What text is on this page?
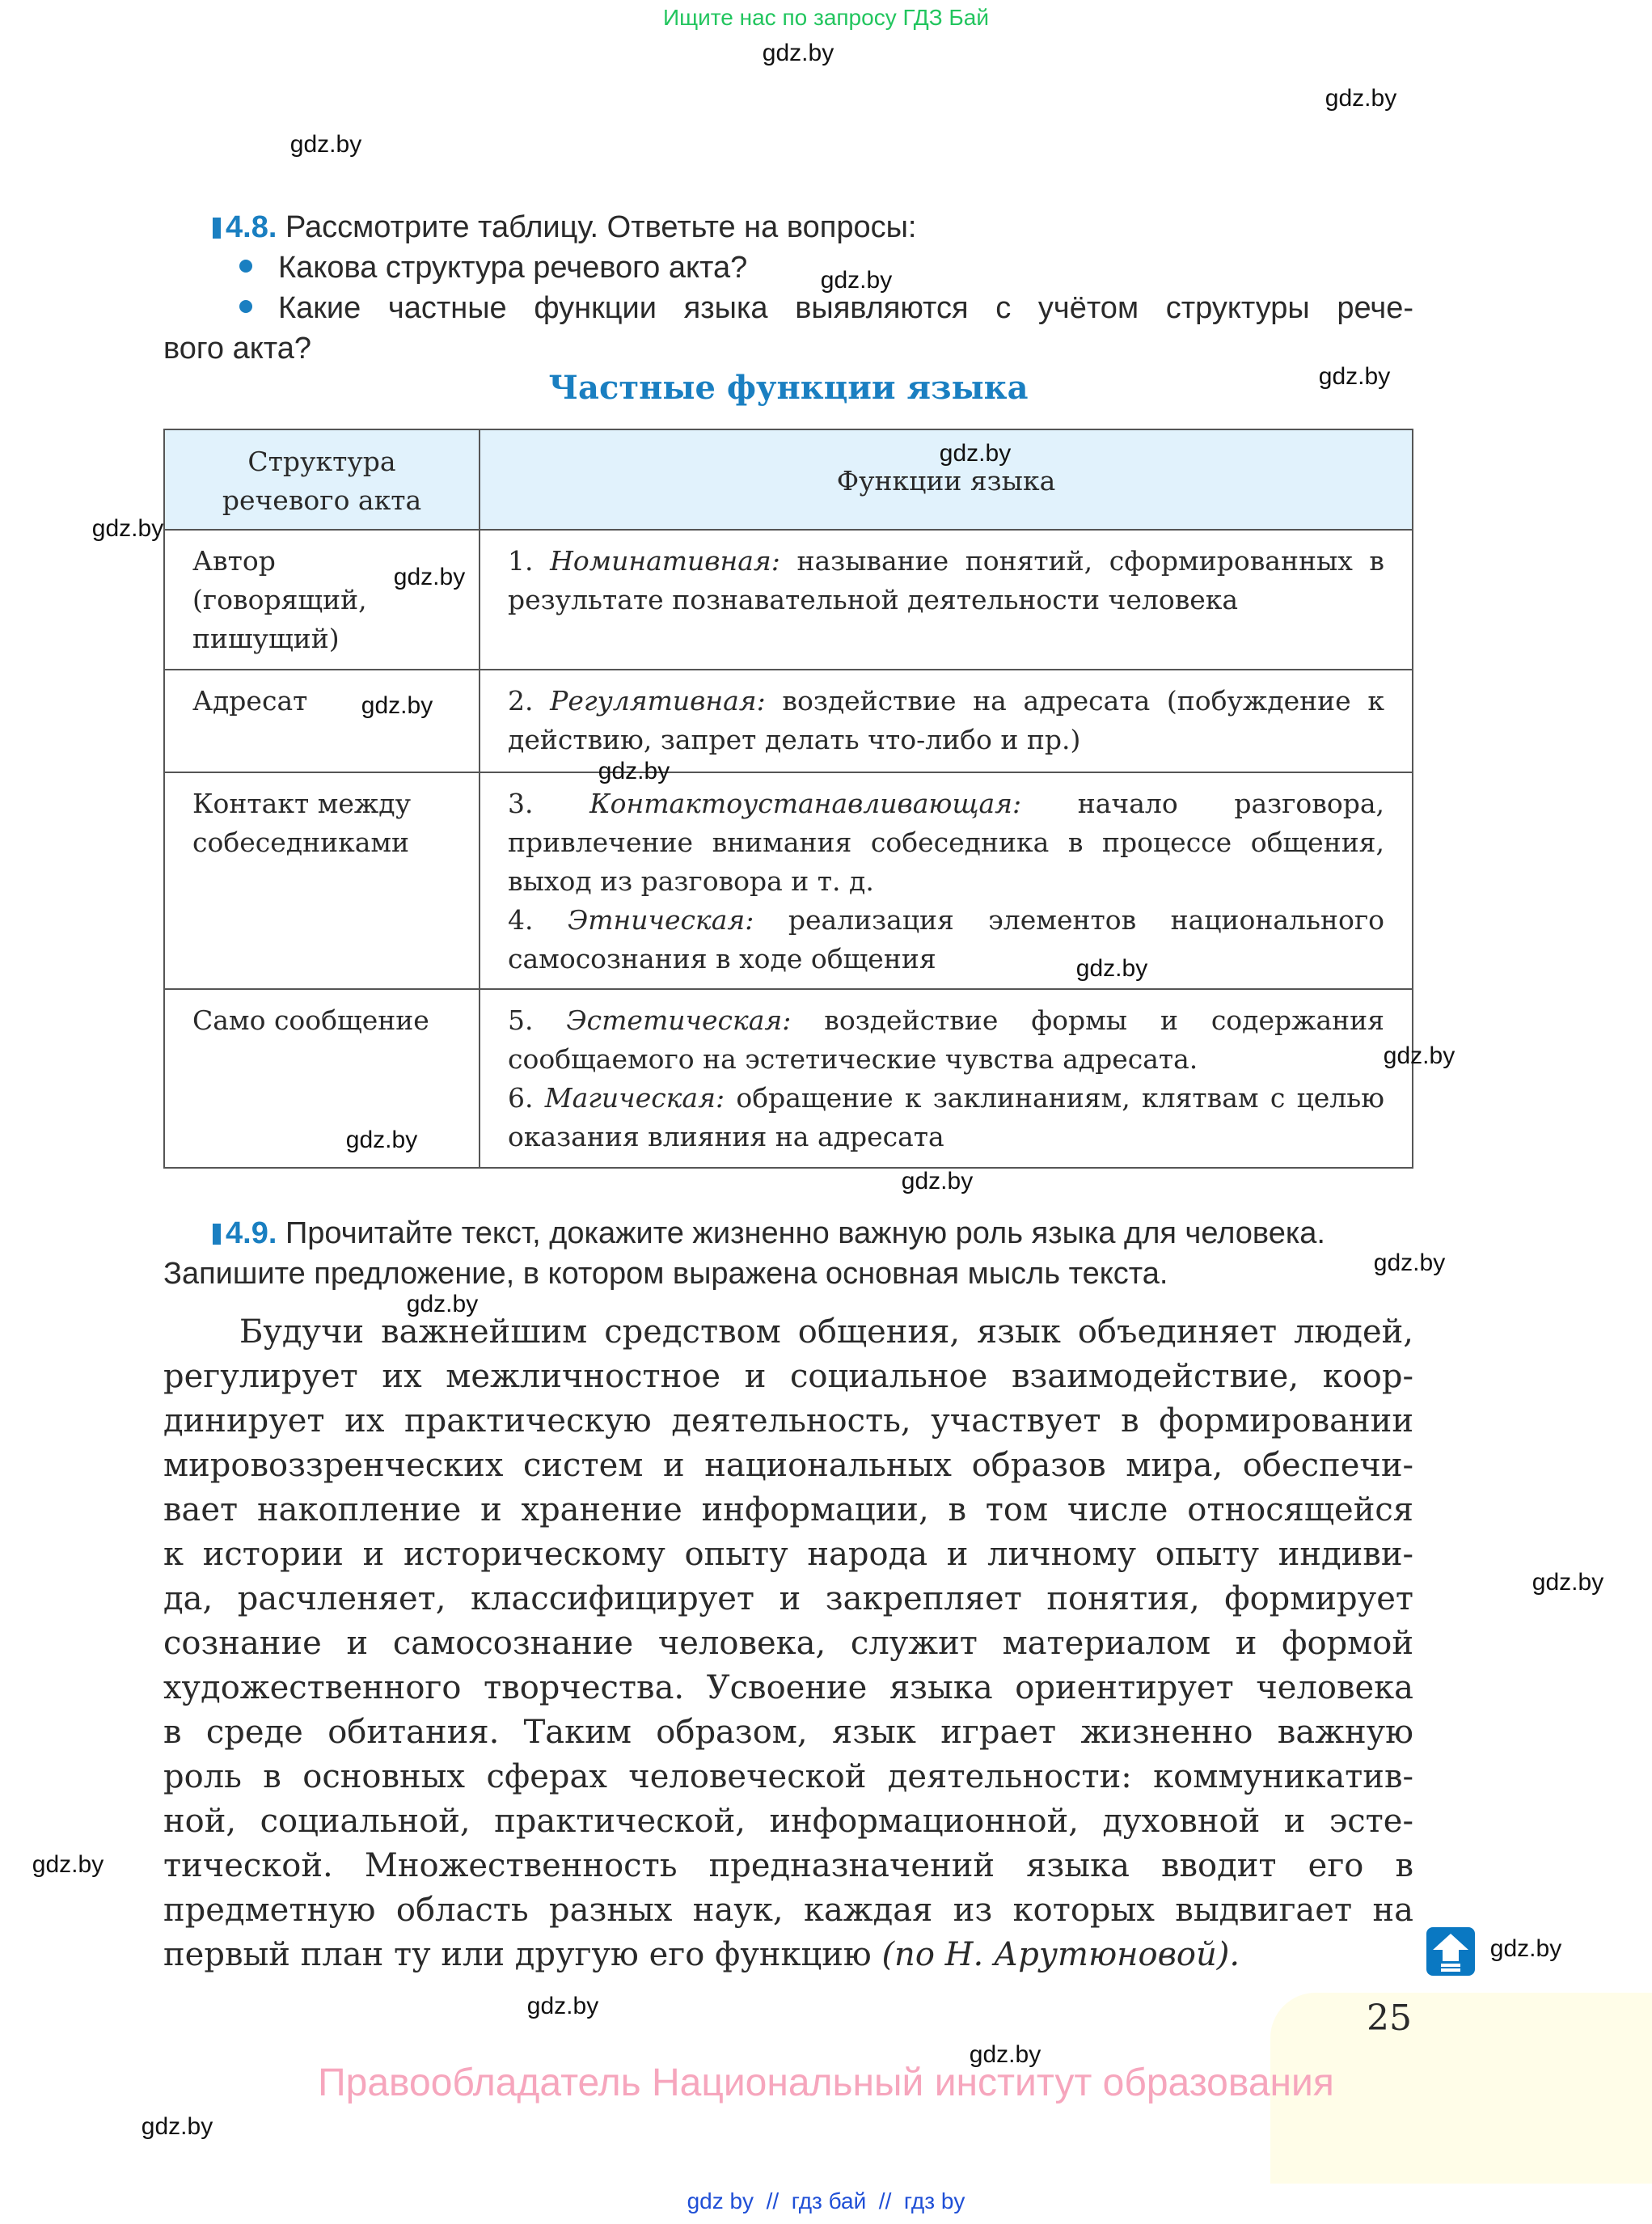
Ищите нас по запросу ГДЗ Бай
4.8. Рассмотрите таблицу. Ответьте на вопросы:
Какова структура речевого акта?
Какие частные функции языка выявляются с учётом структуры рече-
вого акта?
Частные функции языка
Структура речевого акта	Функции языка
Автор (говорящий, пишущий)	1. Номинативная: называние понятий, сформированных в результате познавательной деятельности человека

Адресат	2. Регулятивная: воздействие на адресата (побуждение к действию, запрет делать что-либо и пр.)

Контакт между собеседниками	3. Контактоустанавливающая: начало разговора, привлечение внимания собеседника в процессе общения, выход из разговора и т. д.
4. Этническая: реализация элементов национального самосознания в ходе общения

Само сообщение	5. Эстетическая: воздействие формы и содержания сообщаемого на эстетические чувства адресата.
6. Магическая: обращение к заклинаниям, клятвам с целью оказания влияния на адресата
4.9. Прочитайте текст, докажите жизненно важную роль языка для человека.
Запишите предложение, в котором выражена основная мысль текста.
Будучи важнейшим средством общения, язык объединяет людей,
регулирует их межличностное и социальное взаимодействие, коор-
динирует их практическую деятельность, участвует в формировании
мировоззренческих систем и национальных образов мира, обеспечи-
вает накопление и хранение информации, в том числе относящейся
к истории и историческому опыту народа и личному опыту индиви-
да, расчленяет, классифицирует и закрепляет понятия, формирует
сознание и самосознание человека, служит материалом и формой
художественного творчества. Усвоение языка ориентирует человека
в среде обитания. Таким образом, язык играет жизненно важную
роль в основных сферах человеческой деятельности: коммуникатив-
ной, социальной, практической, информационной, духовной и эсте-
тической. Множественность предназначений языка вводит его в
предметную область разных наук, каждая из которых выдвигает на
первый план ту или другую его функцию (по Н. Арутюновой).
25
Правообладатель Национальный институт образования
gdz by  //  гдз бай  //  гдз by
gdz.by
gdz.by
gdz.by
gdz.by
gdz.by
gdz.by
gdz.by
gdz.by
gdz.by
gdz.by
gdz.by
gdz.by
gdz.by
gdz.by
gdz.by
gdz.by
gdz.by
gdz.by
gdz.by
gdz.by
gdz.by
gdz.by
